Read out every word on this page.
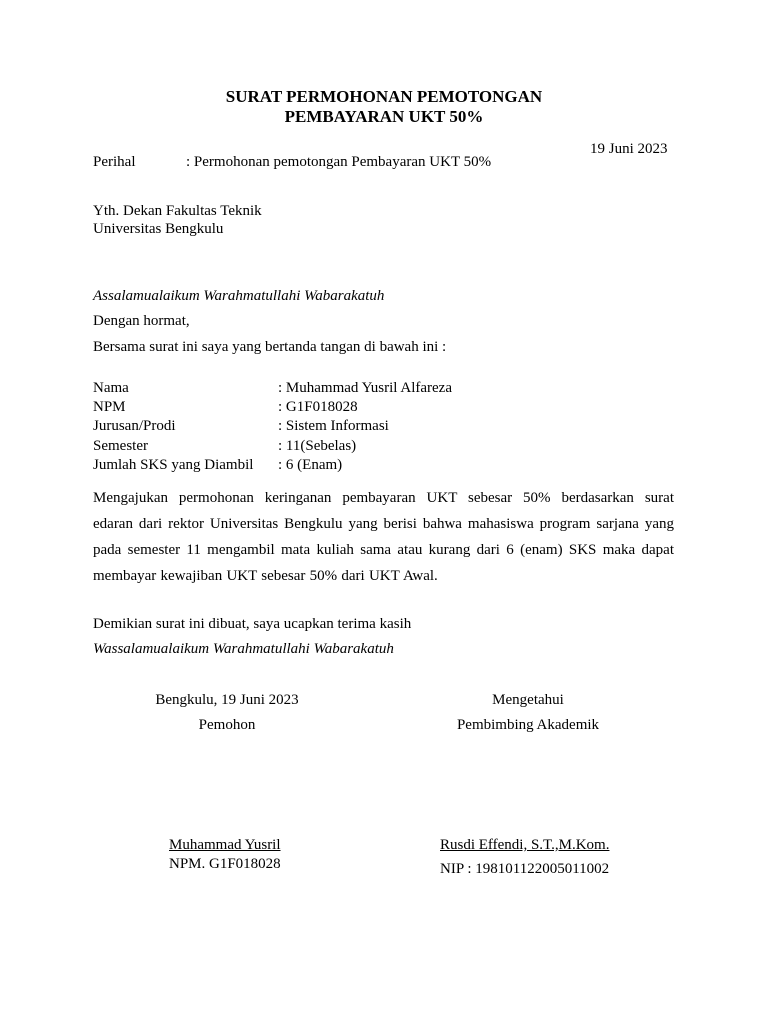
SURAT PERMOHONAN PEMOTONGAN
PEMBAYARAN UKT 50%
19 Juni 2023
Perihal	: Permohonan pemotongan Pembayaran UKT 50%
Yth. Dekan Fakultas Teknik
Universitas Bengkulu
Assalamualaikum Warahmatullahi Wabarakatuh
Dengan hormat,
Bersama surat ini saya yang bertanda tangan di bawah ini :
Nama	: Muhammad Yusril Alfareza
NPM	: G1F018028
Jurusan/Prodi	: Sistem Informasi
Semester	: 11(Sebelas)
Jumlah SKS yang Diambil : 6 (Enam)
Mengajukan permohonan keringanan pembayaran UKT sebesar 50% berdasarkan surat
edaran dari rektor Universitas Bengkulu yang berisi bahwa mahasiswa program sarjana yang
pada semester 11 mengambil mata kuliah sama atau kurang dari 6 (enam) SKS maka dapat
membayar kewajiban UKT sebesar 50% dari UKT Awal.
Demikian surat ini dibuat, saya ucapkan terima kasih
Wassalamualaikum Warahmatullahi Wabarakatuh
Bengkulu, 19 Juni 2023
Pemohon
Muhammad Yusril
NPM. G1F018028
Mengetahui
Pembimbing Akademik
Rusdi Effendi, S.T.,M.Kom.
NIP : 198101122005011002
